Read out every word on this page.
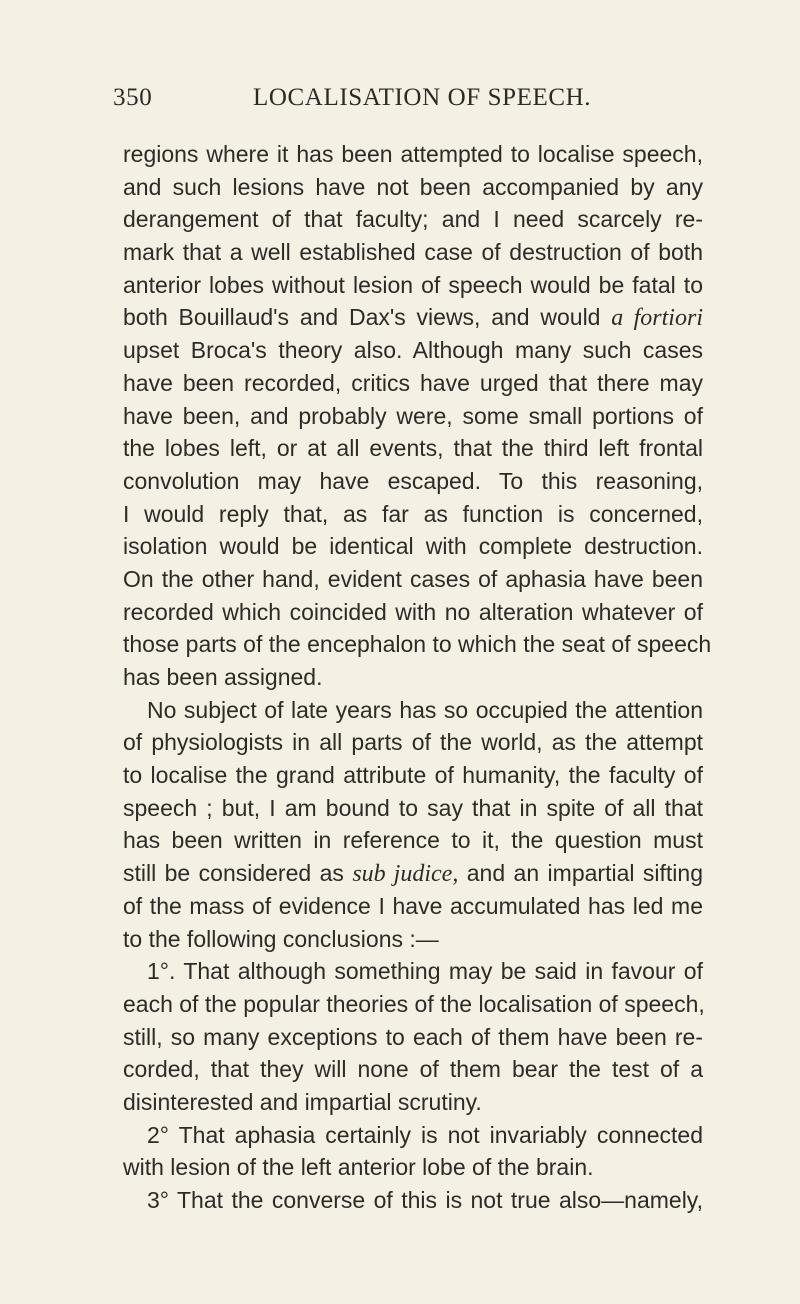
350	LOCALISATION OF SPEECH.
regions where it has been attempted to localise speech,
and such lesions have not been accompanied by any
derangement of that faculty; and I need scarcely re-
mark that a well established case of destruction of both
anterior lobes without lesion of speech would be fatal to
both Bouillaud's and Dax's views, and would a fortiori
upset Broca's theory also. Although many such cases
have been recorded, critics have urged that there may
have been, and probably were, some small portions of
the lobes left, or at all events, that the third left frontal
convolution may have escaped. To this reasoning,
I would reply that, as far as function is concerned,
isolation would be identical with complete destruction.
On the other hand, evident cases of aphasia have been
recorded which coincided with no alteration whatever of
those parts of the encephalon to which the seat of speech
has been assigned.
No subject of late years has so occupied the attention
of physiologists in all parts of the world, as the attempt
to localise the grand attribute of humanity, the faculty of
speech ; but, I am bound to say that in spite of all that
has been written in reference to it, the question must
still be considered as sub judice, and an impartial sifting
of the mass of evidence I have accumulated has led me
to the following conclusions :—
1°. That although something may be said in favour of
each of the popular theories of the localisation of speech,
still, so many exceptions to each of them have been re-
corded, that they will none of them bear the test of a
disinterested and impartial scrutiny.
2° That aphasia certainly is not invariably connected
with lesion of the left anterior lobe of the brain.
3° That the converse of this is not true also—namely,
